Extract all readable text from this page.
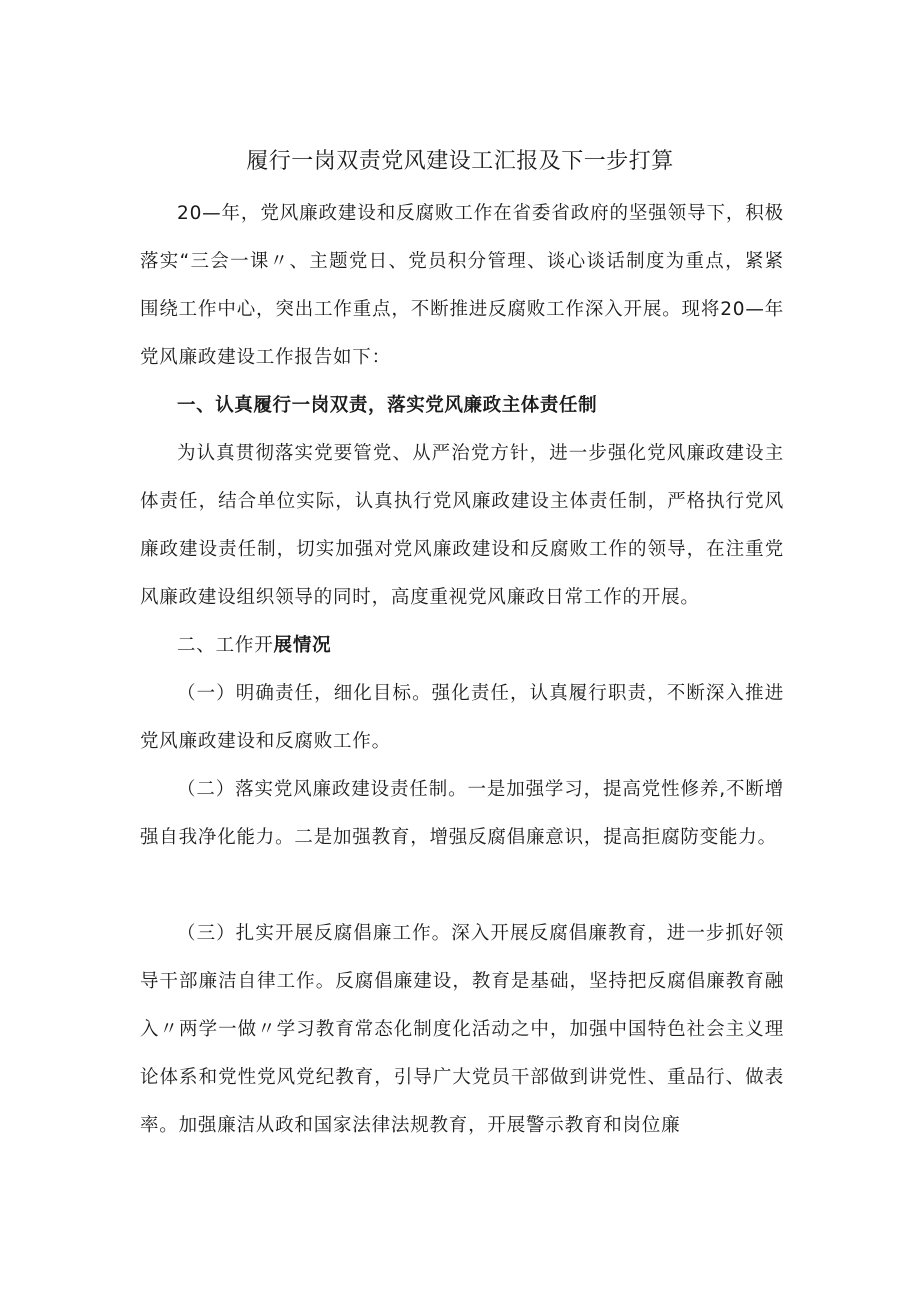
履行一岗双责党风建设工汇报及下一步打算

20—年，党风廉政建设和反腐败工作在省委省政府的坚强领导下，积极落实“三会一课〃、主题党日、党员积分管理、谈心谈话制度为重点，紧紧围绕工作中心，突出工作重点，不断推进反腐败工作深入开展。现将20—年党风廉政建设工作报告如下：

一、认真履行一岗双责，落实党风廉政主体责任制

为认真贯彻落实党要管党、从严治党方针，进一步强化党风廉政建设主体责任，结合单位实际，认真执行党风廉政建设主体责任制，严格执行党风廉政建设责任制，切实加强对党风廉政建设和反腐败工作的领导，在注重党风廉政建设组织领导的同时，高度重视党风廉政日常工作的开展。

二、工作开展情况

（一）明确责任，细化目标。强化责任，认真履行职责，不断深入推进党风廉政建设和反腐败工作。

（二）落实党风廉政建设责任制。一是加强学习，提高党性修养,不断增强自我净化能力。二是加强教育，增强反腐倡廉意识，提高拒腐防变能力。

（三）扎实开展反腐倡廉工作。深入开展反腐倡廉教育，进一步抓好领导干部廉洁自律工作。反腐倡廉建设，教育是基础，坚持把反腐倡廉教育融入〃两学一做〃学习教育常态化制度化活动之中，加强中国特色社会主义理论体系和党性党风党纪教育，引导广大党员干部做到讲党性、重品行、做表率。加强廉洁从政和国家法律法规教育，开展警示教育和岗位廉
